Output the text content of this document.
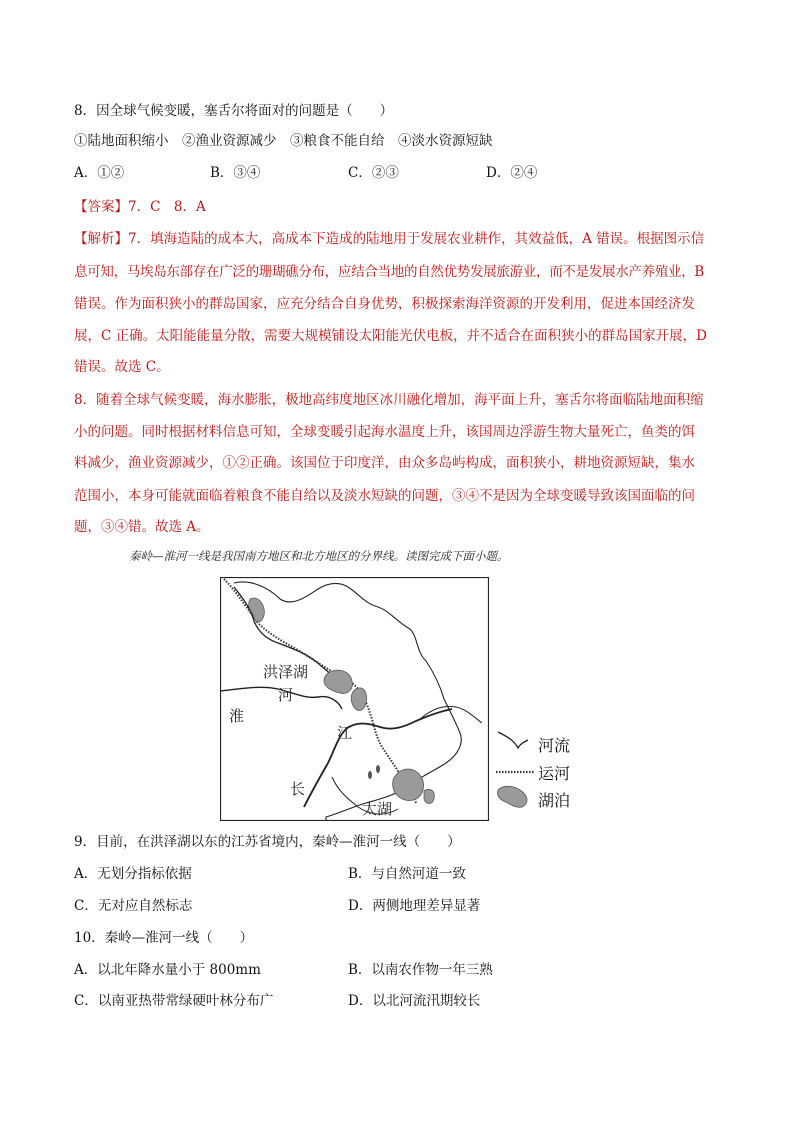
8．因全球气候变暖，塞舌尔将面对的问题是（　　）
①陆地面积缩小　②渔业资源减少　③粮食不能自给　④淡水资源短缺
A．①②	B．③④	C．②③	D．②④
【答案】7．C　8．A
【解析】7．填海造陆的成本大，高成本下造成的陆地用于发展农业耕作，其效益低，A 错误。根据图示信
息可知，马埃岛东部存在广泛的珊瑚礁分布，应结合当地的自然优势发展旅游业，而不是发展水产养殖业，B
错误。作为面积狭小的群岛国家，应充分结合自身优势，积极探索海洋资源的开发利用，促进本国经济发
展，C 正确。太阳能能量分散，需要大规模铺设太阳能光伏电板，并不适合在面积狭小的群岛国家开展，D
错误。故选 C。
8．随着全球气候变暖，海水膨胀，极地高纬度地区冰川融化增加，海平面上升，塞舌尔将面临陆地面积缩
小的问题。同时根据材料信息可知，全球变暖引起海水温度上升，该国周边浮游生物大量死亡，鱼类的饵
料减少，渔业资源减少，①②正确。该国位于印度洋，由众多岛屿构成，面积狭小，耕地资源短缺，集水
范围小，本身可能就面临着粮食不能自给以及淡水短缺的问题，③④不是因为全球变暖导致该国面临的问
题，③④错。故选 A。
秦岭—淮河一线是我国南方地区和北方地区的分界线。读图完成下面小题。
洪泽湖
河
淮
江
长
太湖
河流
运河
湖泊
9．目前，在洪泽湖以东的江苏省境内，秦岭—淮河一线（　　）
A．无划分指标依据	B．与自然河道一致
C．无对应自然标志	D．两侧地理差异显著
10．秦岭—淮河一线（　　）
A．以北年降水量小于 800mm	B．以南农作物一年三熟
C．以南亚热带常绿硬叶林分布广	D．以北河流汛期较长
